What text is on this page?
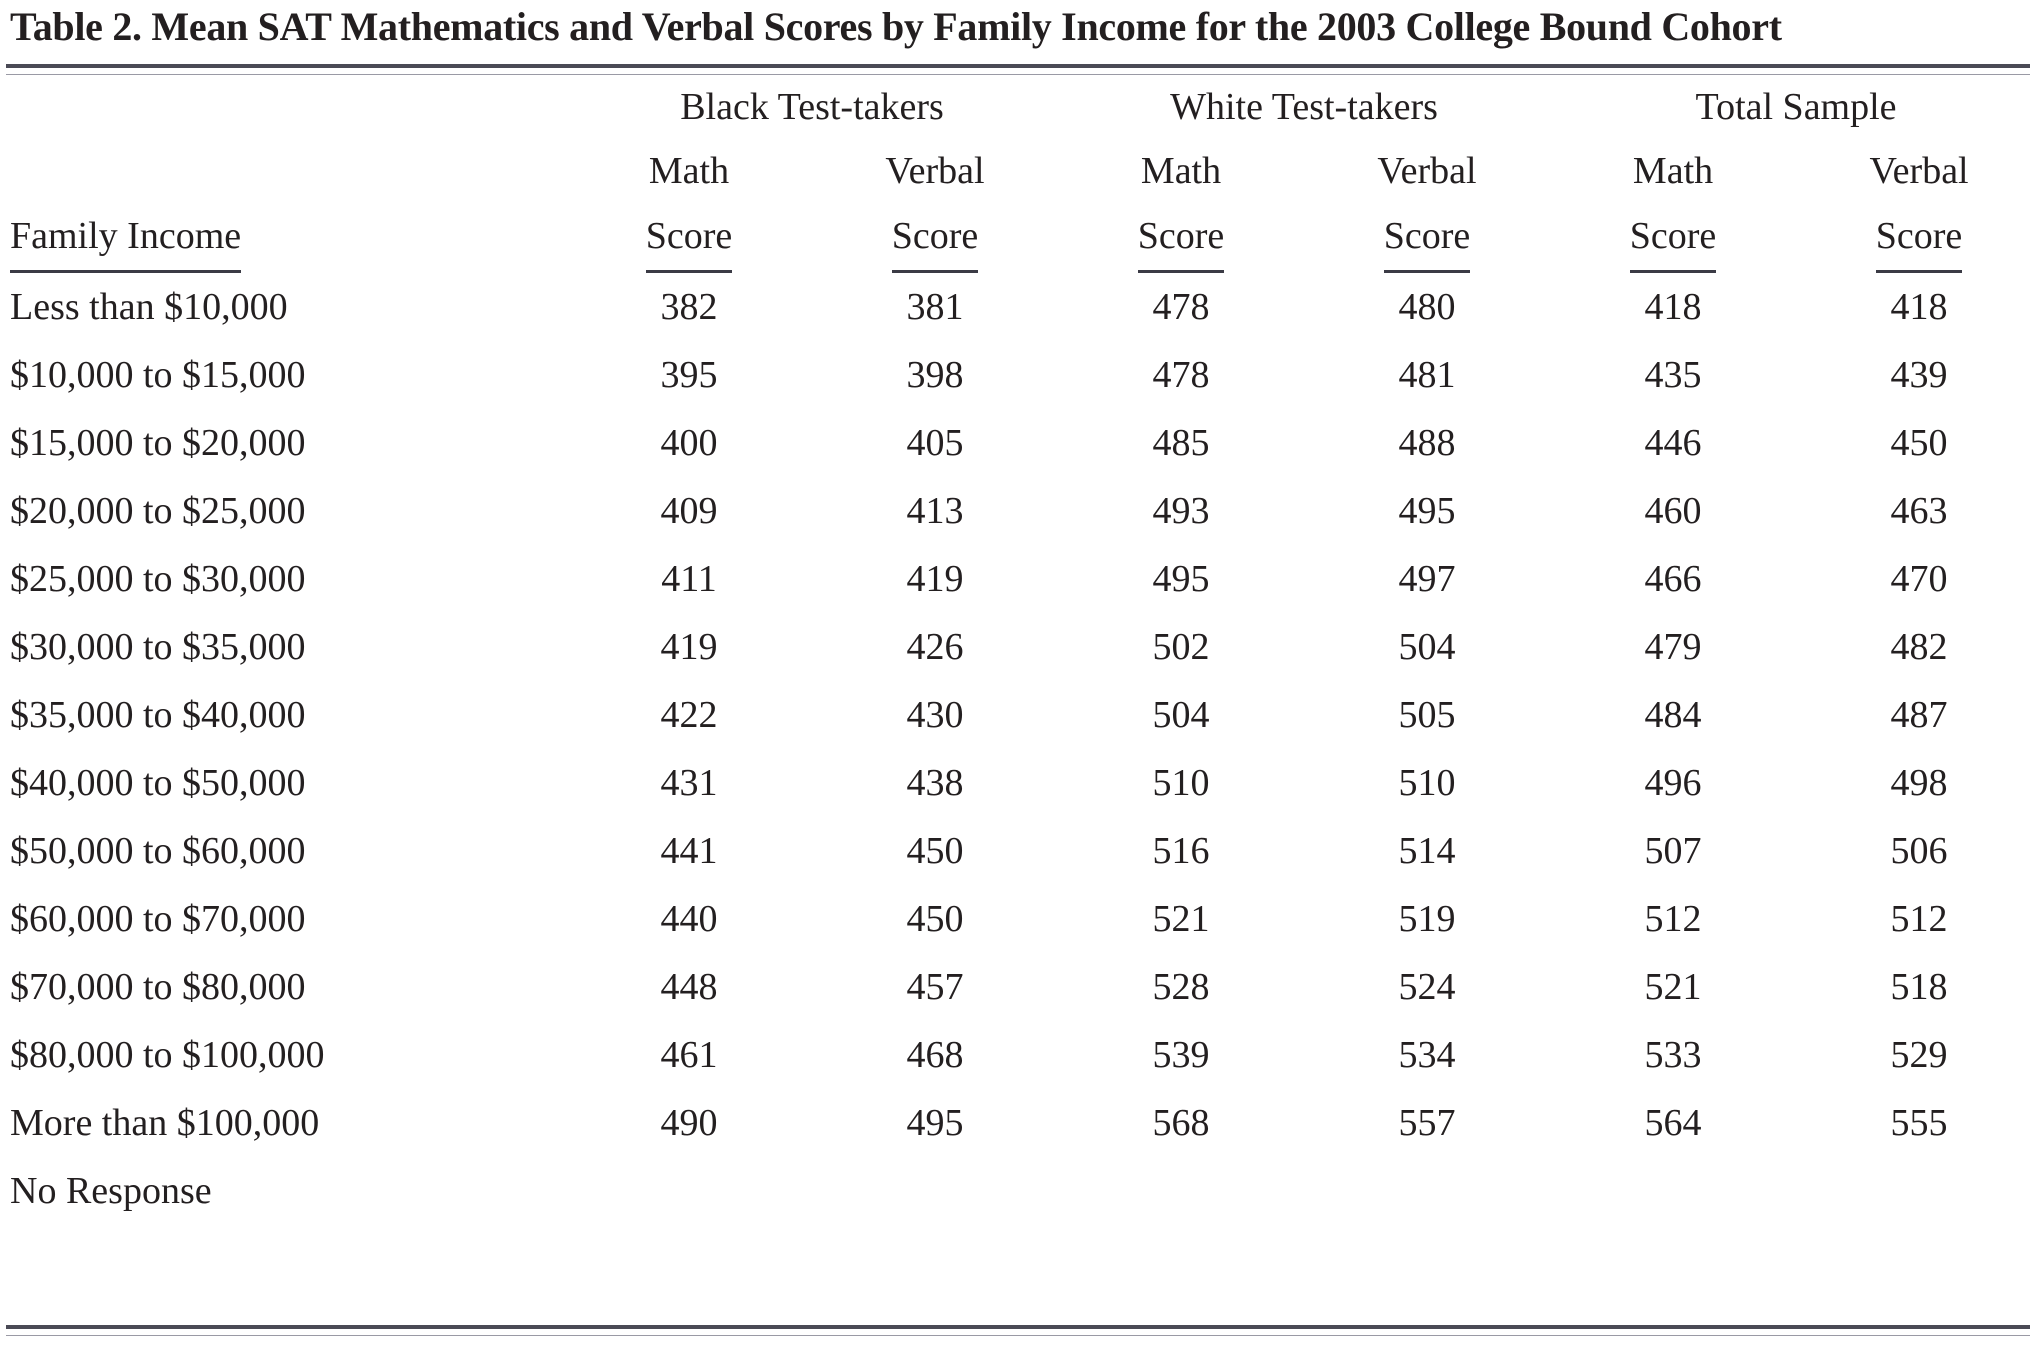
Table 2. Mean SAT Mathematics and Verbal Scores by Family Income for the 2003 College Bound Cohort
	Black Test-takers		White Test-takers		Total Sample	
	Math	Verbal	Math	Verbal	Math	Verbal
Family Income	Score	Score	Score	Score	Score	Score
Less than $10,000	382	381	478	480	418	418
$10,000 to $15,000	395	398	478	481	435	439
$15,000 to $20,000	400	405	485	488	446	450
$20,000 to $25,000	409	413	493	495	460	463
$25,000 to $30,000	411	419	495	497	466	470
$30,000 to $35,000	419	426	502	504	479	482
$35,000 to $40,000	422	430	504	505	484	487
$40,000 to $50,000	431	438	510	510	496	498
$50,000 to $60,000	441	450	516	514	507	506
$60,000 to $70,000	440	450	521	519	512	512
$70,000 to $80,000	448	457	528	524	521	518
$80,000 to $100,000	461	468	539	534	533	529
More than $100,000	490	495	568	557	564	555
No Response						
